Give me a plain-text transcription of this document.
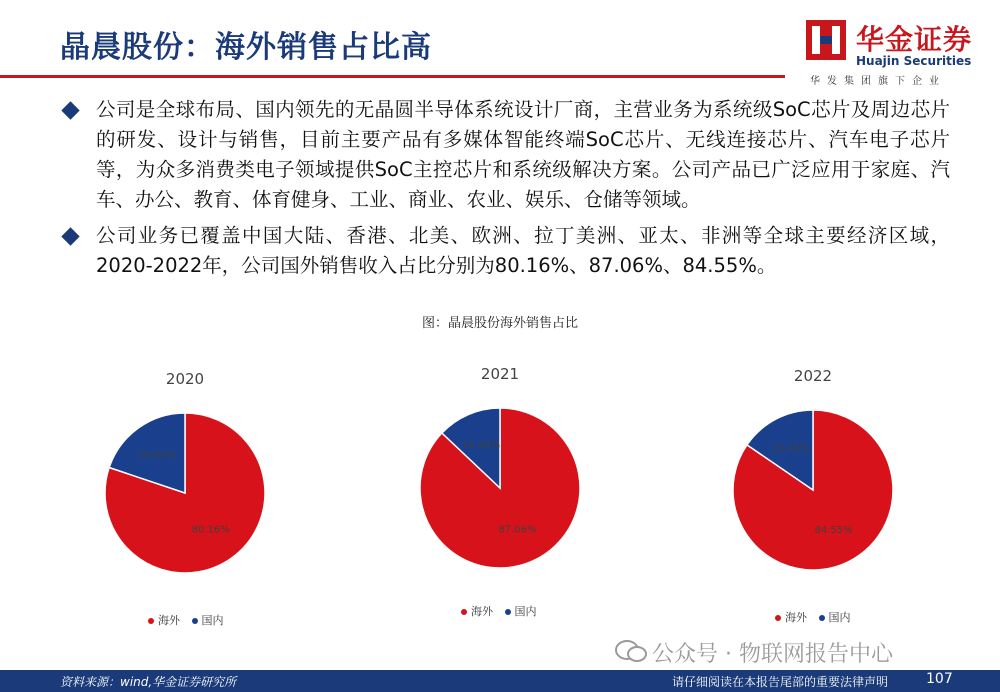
晶晨股份：海外销售占比高	华金证券
Huajin Securities
华发集团旗下企业
公司是全球布局、国内领先的无晶圆半导体系统设计厂商，主营业务为系统级SoC芯片及周边芯片的研发、设计与销售，目前主要产品有多媒体智能终端SoC芯片、无线连接芯片、汽车电子芯片等，为众多消费类电子领域提供SoC主控芯片和系统级解决方案。公司产品已广泛应用于家庭、汽车、办公、教育、体育健身、工业、商业、农业、娱乐、仓储等领域。
公司业务已覆盖中国大陆、香港、北美、欧洲、拉丁美洲、亚太、非洲等全球主要经济区域，2020-2022年，公司国外销售收入占比分别为80.16%、87.06%、84.55%。
图：晶晨股份海外销售占比
2020
80.16%
19.84%
2021
87.06%
12.94%
2022
84.55%
15.45%
海外 国内
海外 国内	海外 国内
公众号 · 物联网报告中心
资料来源：wind,华金证券研究所	请仔细阅读在本报告尾部的重要法律声明	107
